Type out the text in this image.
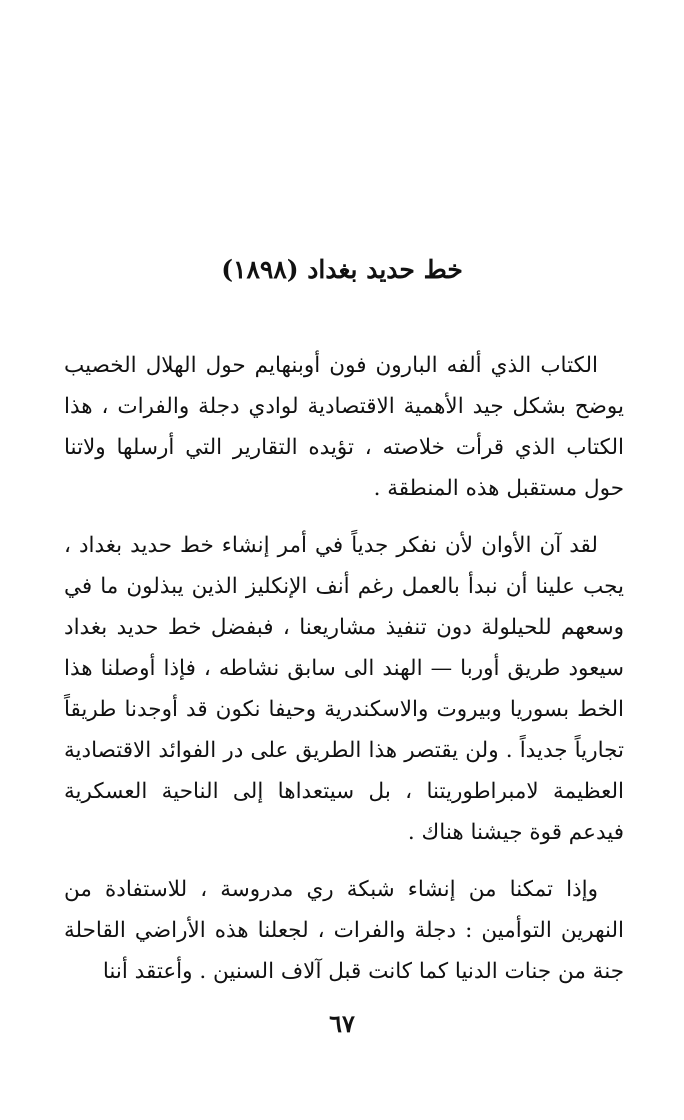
خط حديد بغداد (١٨٩٨)

الكتاب الذي ألفه البارون فون أوبنهايم حول الهلال الخصيب يوضح بشكل جيد الأهمية الاقتصادية لوادي دجلة والفرات ، هذا الكتاب الذي قرأت خلاصته ، تؤيده التقارير التي أرسلها ولاتنا حول مستقبل هذه المنطقة .

لقد آن الأوان لأن نفكر جدياً في أمر إنشاء خط حديد بغداد ، يجب علينا أن نبدأ بالعمل رغم أنف الإنكليز الذين يبذلون ما في وسعهم للحيلولة دون تنفيذ مشاريعنا ، فبفضل خط حديد بغداد سيعود طريق أوربا — الهند الى سابق نشاطه ، فإذا أوصلنا هذا الخط بسوريا وبيروت والاسكندرية وحيفا نكون قد أوجدنا طريقاً تجارياً جديداً . ولن يقتصر هذا الطريق على در الفوائد الاقتصادية العظيمة لامبراطوريتنا ، بل سيتعداها إلى الناحية العسكرية فيدعم قوة جيشنا هناك .

وإذا تمكنا من إنشاء شبكة ري مدروسة ، للاستفادة من النهرين التوأمين : دجلة والفرات ، لجعلنا هذه الأراضي القاحلة جنة من جنات الدنيا كما كانت قبل آلاف السنين . وأعتقد أننا

٦٧
